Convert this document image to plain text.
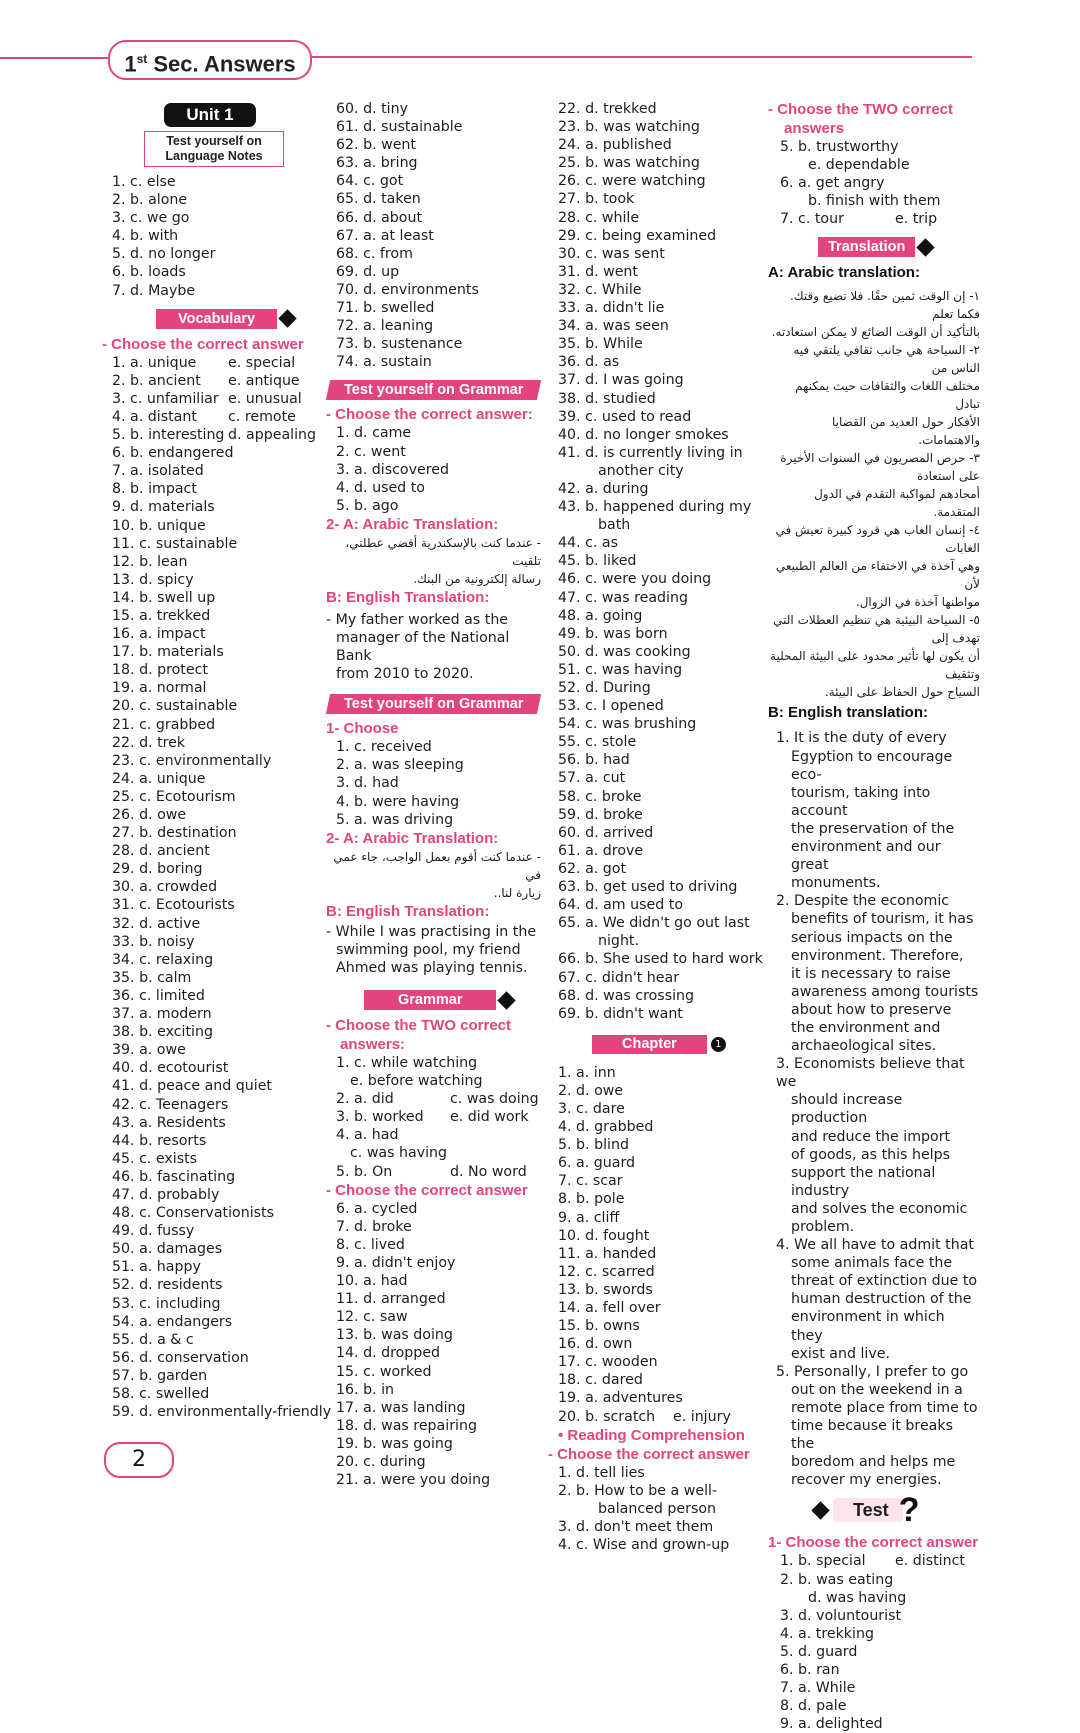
1st Sec. Answers
Unit 1
Test yourself on
Language Notes
1. c. else
2. b. alone
3. c. we go
4. b. with
5. d. no longer
6. b. loads
7. d. Maybe
Vocabulary
- Choose the correct answer
1. a. unique	e. special
2. b. ancient	e. antique
3. c. unfamiliar e. unusual
4. a. distant	c. remote
5. b. interesting d. appealing
6. b. endangered
7. a. isolated
8. b. impact
9. d. materials
10. b. unique
11. c. sustainable
12. b. lean
13. d. spicy
14. b. swell up
15. a. trekked
16. a. impact
17. b. materials
18. d. protect
19. a. normal
20. c. sustainable
21. c. grabbed
22. d. trek
23. c. environmentally
24. a. unique
25. c. Ecotourism
26. d. owe
27. b. destination
28. d. ancient
29. d. boring
30. a. crowded
31. c. Ecotourists
32. d. active
33. b. noisy
34. c. relaxing
35. b. calm
36. c. limited
37. a. modern
38. b. exciting
39. a. owe
40. d. ecotourist
41. d. peace and quiet
42. c. Teenagers
43. a. Residents
44. b. resorts
45. c. exists
46. b. fascinating
47. d. probably
48. c. Conservationists
49. d. fussy
50. a. damages
51. a. happy
52. d. residents
53. c. including
54. a. endangers
55. d. a & c
56. d. conservation
57. b. garden
58. c. swelled
59. d. environmentally-friendly
60. d. tiny
61. d. sustainable
62. b. went
63. a. bring
64. c. got
65. d. taken
66. d. about
67. a. at least
68. c. from
69. d. up
70. d. environments
71. b. swelled
72. a. leaning
73. b. sustenance
74. a. sustain
Test yourself on Grammar
- Choose the correct answer:
1. d. came
2. c. went
3. a. discovered
4. d. used to
5. b. ago
2- A: Arabic Translation:
- عندما كنت بالإسكندرية أقضي عطلتي، تلقيت
رسالة إلكترونية من البنك.
B: English Translation:
- My father worked as the
manager of the National Bank
from 2010 to 2020.
Test yourself on Grammar
1- Choose
1. c. received
2. a. was sleeping
3. d. had
4. b. were having
5. a. was driving
2- A: Arabic Translation:
- عندما كنت أقوم بعمل الواجب، جاء عمي في
زيارة لنا..
B: English Translation:
- While I was practising in the
swimming pool, my friend
Ahmed was playing tennis.
Grammar
- Choose the TWO correct
answers:
1. c. while watching
e. before watching
2. a. did	c. was doing
3. b. worked	e. did work
4. a. had
c. was having
5. b. On	d. No word
- Choose the correct answer
6. a. cycled
7. d. broke
8. c. lived
9. a. didn't enjoy
10. a. had
11. d. arranged
12. c. saw
13. b. was doing
14. d. dropped
15. c. worked
16. b. in
17. a. was landing
18. d. was repairing
19. b. was going
20. c. during
21. a. were you doing
22. d. trekked
23. b. was watching
24. a. published
25. b. was watching
26. c. were watching
27. b. took
28. c. while
29. c. being examined
30. c. was sent
31. d. went
32. c. While
33. a. didn't lie
34. a. was seen
35. b. While
36. d. as
37. d. I was going
38. d. studied
39. c. used to read
40. d. no longer smokes
41. d. is currently living in
another city
42. a. during
43. b. happened during my
bath
44. c. as
45. b. liked
46. c. were you doing
47. c. was reading
48. a. going
49. b. was born
50. d. was cooking
51. c. was having
52. d. During
53. c. I opened
54. c. was brushing
55. c. stole
56. b. had
57. a. cut
58. c. broke
59. d. broke
60. d. arrived
61. a. drove
62. a. got
63. b. get used to driving
64. d. am used to
65. a. We didn't go out last
night.
66. b. She used to hard work
67. c. didn't hear
68. d. was crossing
69. b. didn't want
Chapter	1
1. a. inn
2. d. owe
3. c. dare
4. d. grabbed
5. b. blind
6. a. guard
7. c. scar
8. b. pole
9. a. cliff
10. d. fought
11. a. handed
12. c. scarred
13. b. swords
14. a. fell over
15. b. owns
16. d. own
17. c. wooden
18. c. dared
19. a. adventures
20. b. scratch	e. injury
• Reading Comprehension
- Choose the correct answer
1. d. tell lies
2. b. How to be a well-
balanced person
3. d. don't meet them
4. c. Wise and grown-up
- Choose the TWO correct
answers
5. b. trustworthy
e. dependable
6. a. get angry
b. finish with them
7. c. tour	e. trip
Translation
A: Arabic translation:
١- إن الوقت ثمين حقًا. فلا تضيع وقتك. فكما تعلم
بالتأكيد أن الوقت الضائع لا يمكن استعادته.
٢- السياحة هي جانب ثقافي يلتقي فيه الناس من
مختلف اللغات والثقافات حيث يمكنهم تبادل
الأفكار حول العديد من القضايا والاهتمامات.
٣- حرص المصريون في السنوات الأخيرة على استعادة
أمجادهم لمواكبة التقدم في الدول المتقدمة.
٤- إنسان الغاب هي قرود كبيرة تعيش في الغابات
وهي آخذة في الاختفاء من العالم الطبيعي لأن
مواطنها آخذة في الزوال.
٥- السياحة البيئية هي تنظيم العطلات التي تهدف إلى
أن يكون لها تأثير محدود على البيئة المحلية وتثقيف
السياح حول الحفاظ على البيئة.
B: English translation:
1. It is the duty of every
Egyption to encourage eco-
tourism, taking into account
the preservation of the
environment and our great
monuments.
2. Despite the economic
benefits of tourism, it has
serious impacts on the
environment. Therefore,
it is necessary to raise
awareness among tourists
about how to preserve
the environment and
archaeological sites.
3. Economists believe that we
should increase production
and reduce the import
of goods, as this helps
support the national industry
and solves the economic
problem.
4. We all have to admit that
some animals face the
threat of extinction due to
human destruction of the
environment in which they
exist and live.
5. Personally, I prefer to go
out on the weekend in a
remote place from time to
time because it breaks the
boredom and helps me
recover my energies.
Test ?
1- Choose the correct answer
1. b. special	e. distinct
2. b. was eating
d. was having
3. d. voluntourist
4. a. trekking
5. d. guard
6. b. ran
7. a. While
8. d. pale
9. a. delighted
2
